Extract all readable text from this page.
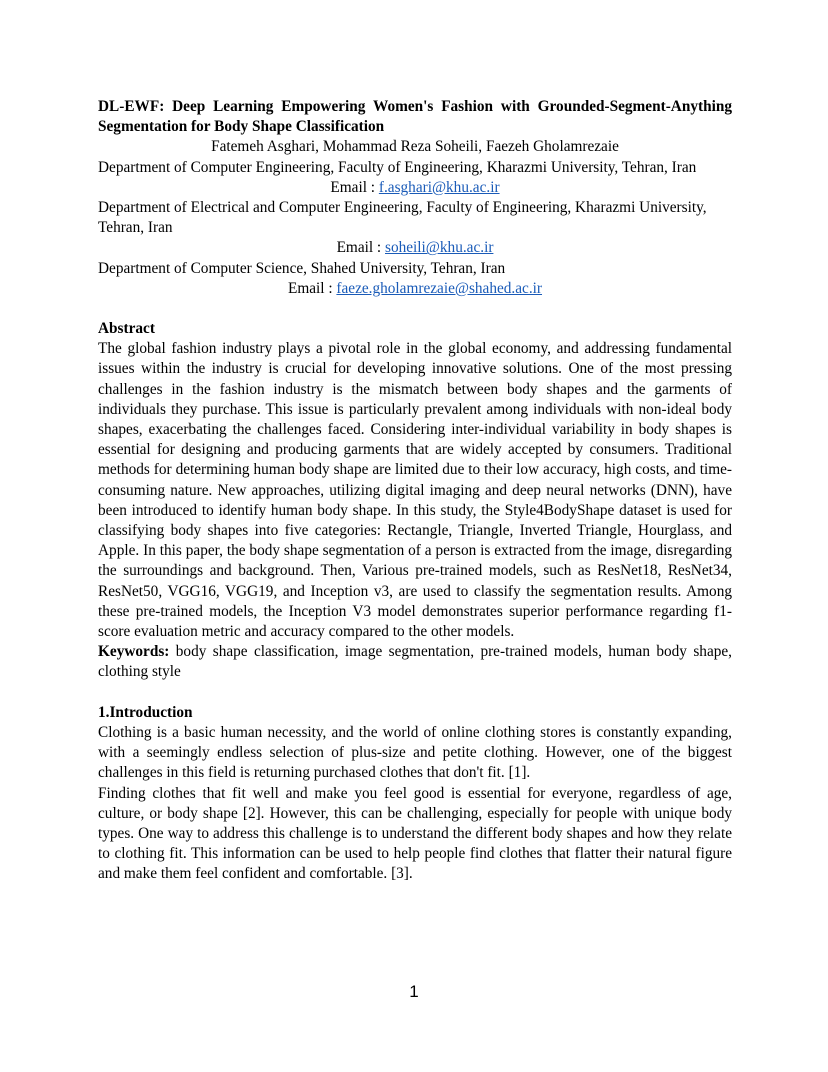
DL-EWF: Deep Learning Empowering Women's Fashion with Grounded-Segment-Anything Segmentation for Body Shape Classification

Fatemeh Asghari, Mohammad Reza Soheili, Faezeh Gholamrezaie

Department of Computer Engineering, Faculty of Engineering, Kharazmi University, Tehran, Iran

Email : f.asghari@khu.ac.ir

Department of Electrical and Computer Engineering, Faculty of Engineering, Kharazmi University, Tehran, Iran

Email : soheili@khu.ac.ir

Department of Computer Science, Shahed University, Tehran, Iran

Email : faeze.gholamrezaie@shahed.ac.ir

Abstract

The global fashion industry plays a pivotal role in the global economy, and addressing fundamental issues within the industry is crucial for developing innovative solutions. One of the most pressing challenges in the fashion industry is the mismatch between body shapes and the garments of individuals they purchase. This issue is particularly prevalent among individuals with non-ideal body shapes, exacerbating the challenges faced. Considering inter-individual variability in body shapes is essential for designing and producing garments that are widely accepted by consumers. Traditional methods for determining human body shape are limited due to their low accuracy, high costs, and time-consuming nature. New approaches, utilizing digital imaging and deep neural networks (DNN), have been introduced to identify human body shape. In this study, the Style4BodyShape dataset is used for classifying body shapes into five categories: Rectangle, Triangle, Inverted Triangle, Hourglass, and Apple. In this paper, the body shape segmentation of a person is extracted from the image, disregarding the surroundings and background. Then, Various pre-trained models, such as ResNet18, ResNet34, ResNet50, VGG16, VGG19, and Inception v3, are used to classify the segmentation results. Among these pre-trained models, the Inception V3 model demonstrates superior performance regarding f1-score evaluation metric and accuracy compared to the other models.

Keywords: body shape classification, image segmentation, pre-trained models, human body shape, clothing style

1.Introduction

Clothing is a basic human necessity, and the world of online clothing stores is constantly expanding, with a seemingly endless selection of plus-size and petite clothing. However, one of the biggest challenges in this field is returning purchased clothes that don't fit. [1].

Finding clothes that fit well and make you feel good is essential for everyone, regardless of age, culture, or body shape [2]. However, this can be challenging, especially for people with unique body types. One way to address this challenge is to understand the different body shapes and how they relate to clothing fit. This information can be used to help people find clothes that flatter their natural figure and make them feel confident and comfortable. [3].

1
